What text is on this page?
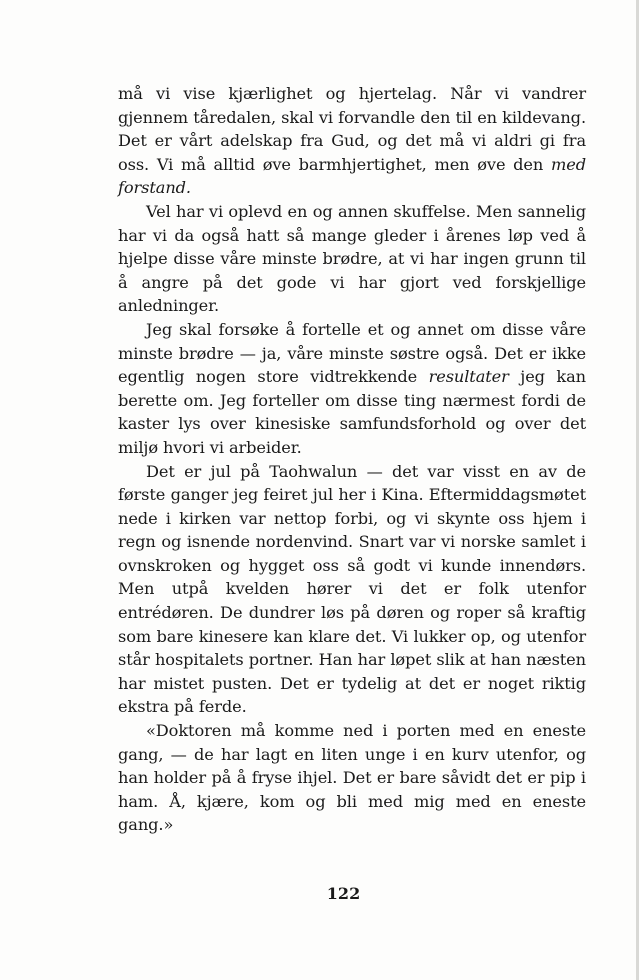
må vi vise kjærlighet og hjertelag. Når vi vandrer gjennem tåredalen, skal vi forvandle den til en kildevang. Det er vårt adelskap fra Gud, og det må vi aldri gi fra oss. Vi må alltid øve barmhjertighet, men øve den med forstand.

Vel har vi oplevd en og annen skuffelse. Men sannelig har vi da også hatt så mange gleder i årenes løp ved å hjelpe disse våre minste brødre, at vi har ingen grunn til å angre på det gode vi har gjort ved forskjellige anledninger.

Jeg skal forsøke å fortelle et og annet om disse våre minste brødre — ja, våre minste søstre også. Det er ikke egentlig nogen store vidtrekkende resultater jeg kan berette om. Jeg forteller om disse ting nærmest fordi de kaster lys over kinesiske samfundsforhold og over det miljø hvori vi arbeider.

Det er jul på Taohwalun — det var visst en av de første ganger jeg feiret jul her i Kina. Eftermiddagsmøtet nede i kirken var nettop forbi, og vi skynte oss hjem i regn og isnende nordenvind. Snart var vi norske samlet i ovnskroken og hygget oss så godt vi kunde innendørs. Men utpå kvelden hører vi det er folk utenfor entrédøren. De dundrer løs på døren og roper så kraftig som bare kinesere kan klare det. Vi lukker op, og utenfor står hospitalets portner. Han har løpet slik at han næsten har mistet pusten. Det er tydelig at det er noget riktig ekstra på ferde.

«Doktoren må komme ned i porten med en eneste gang, — de har lagt en liten unge i en kurv utenfor, og han holder på å fryse ihjel. Det er bare såvidt det er pip i ham. Å, kjære, kom og bli med mig med en eneste gang.»

122
